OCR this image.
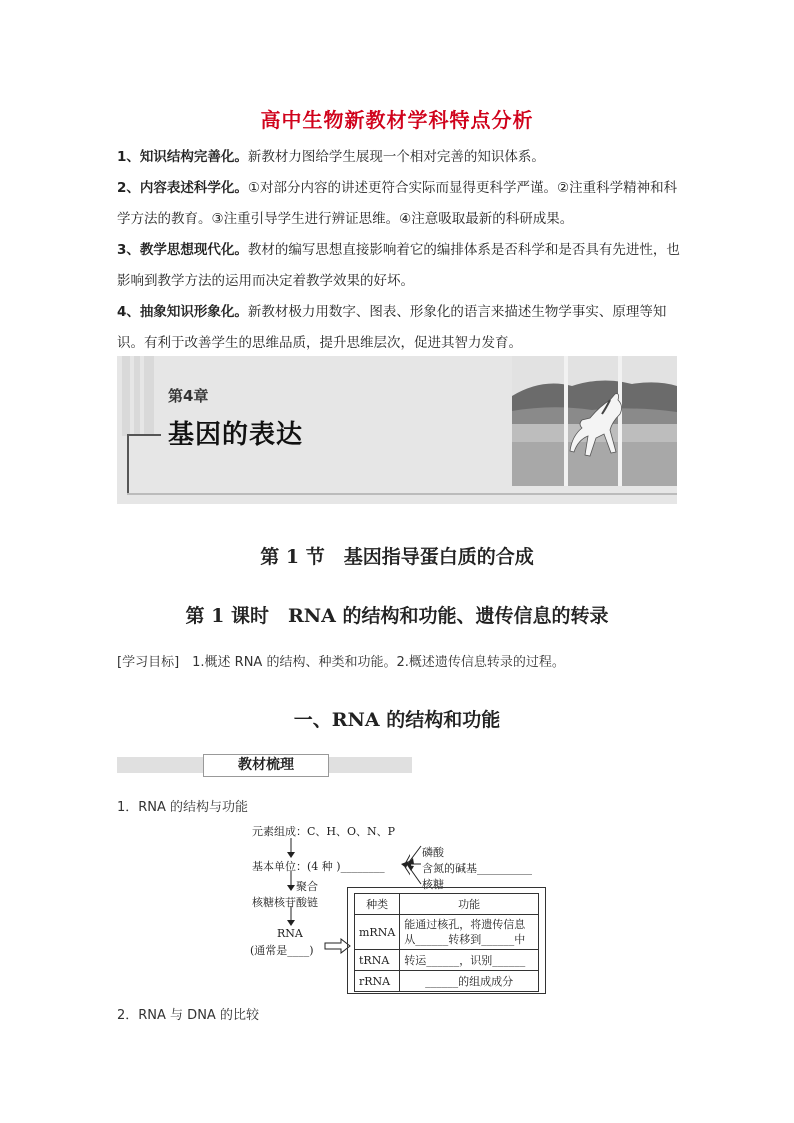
高中生物新教材学科特点分析
1、知识结构完善化。新教材力图给学生展现一个相对完善的知识体系。
2、内容表述科学化。①对部分内容的讲述更符合实际而显得更科学严谨。②注重科学精神和科学方法的教育。③注重引导学生进行辨证思维。④注意吸取最新的科研成果。
3、教学思想现代化。教材的编写思想直接影响着它的编排体系是否科学和是否具有先进性，也影响到教学方法的运用而决定着教学效果的好坏。
4、抽象知识形象化。新教材极力用数字、图表、形象化的语言来描述生物学事实、原理等知识。有利于改善学生的思维品质，提升思维层次，促进其智力发育。
第4章
基因的表达
第 1 节　基因指导蛋白质的合成
第 1 课时　RNA 的结构和功能、遗传信息的转录
[学习目标]　1.概述 RNA 的结构、种类和功能。2.概述遗传信息转录的过程。
一、RNA 的结构和功能
教材梳理
1．RNA 的结构与功能
元素组成：C、H、O、N、P
基本单位：(4 种 )________
磷酸
含氮的碱基__________
核糖
聚合
核糖核苷酸链
RNA
(通常是____)
种类	功能
mRNA	能通过核孔，将遗传信息从______转移到______中
tRNA	转运______，识别______
rRNA	______的组成成分
2．RNA 与 DNA 的比较
